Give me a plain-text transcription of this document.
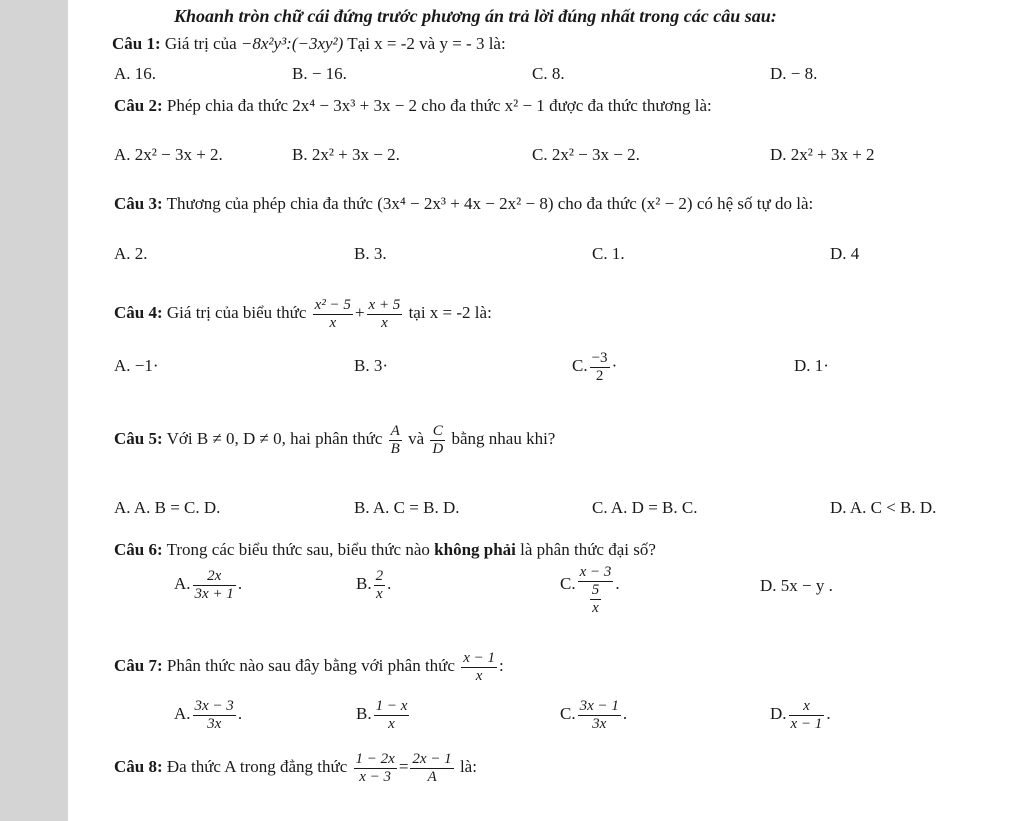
Khoanh tròn chữ cái đứng trước phương án trả lời đúng nhất trong các câu sau:
Câu 1: Giá trị của −8x²y³:(−3xy²) Tại x = -2 và y = - 3 là:
A. 16.	B. − 16.	C. 8.	D. − 8.
Câu 2: Phép chia đa thức 2x⁴ − 3x³ + 3x − 2 cho đa thức x² − 1 được đa thức thương là:
A. 2x² − 3x + 2.	B. 2x² + 3x − 2.	C. 2x² − 3x − 2.	D. 2x² + 3x + 2
Câu 3: Thương của phép chia đa thức (3x⁴ − 2x³ + 4x − 2x² − 8) cho đa thức (x² − 2) có hệ số tự do là:
A. 2.	B. 3.	C. 1.	D. 4
Câu 4: Giá trị của biểu thức $\frac{\text{x² − 5}}{x} + \frac{x + 5}{x}$ tại x = -2 là:
A. −1·	B. 3·	C. $\frac{-3}{2}$ ·	D. 1·
Câu 5: Với B ≠ 0, D ≠ 0, hai phân thức $\frac{A}{B}$ và $\frac{C}{D}$ bằng nhau khi?
A. A. B = C. D.	B. A. C = B. D.	C. A. D = B. C.	D. A. C < B. D.
Câu 6: Trong các biểu thức sau, biểu thức nào không phải là phân thức đại số?
A. $\frac{2x}{3x + 1}$ .	B. $\frac{2}{x}$ .	C. $\frac{x - 3}{\frac{5}{x}}$ .	D. 5x − y .
Câu 7: Phân thức nào sau đây bằng với phân thức $\frac{x - 1}{x}$ :
A. $\frac{3x - 3}{3x}$ .	B. $\frac{1 - x}{x}$	C. $\frac{3x - 1}{3x}$ .	D. $\frac{x}{x - 1}$ .
Câu 8: Đa thức A trong đẳng thức $\frac{1 - 2x}{x - 3} = \frac{2x - 1}{A}$ là:
